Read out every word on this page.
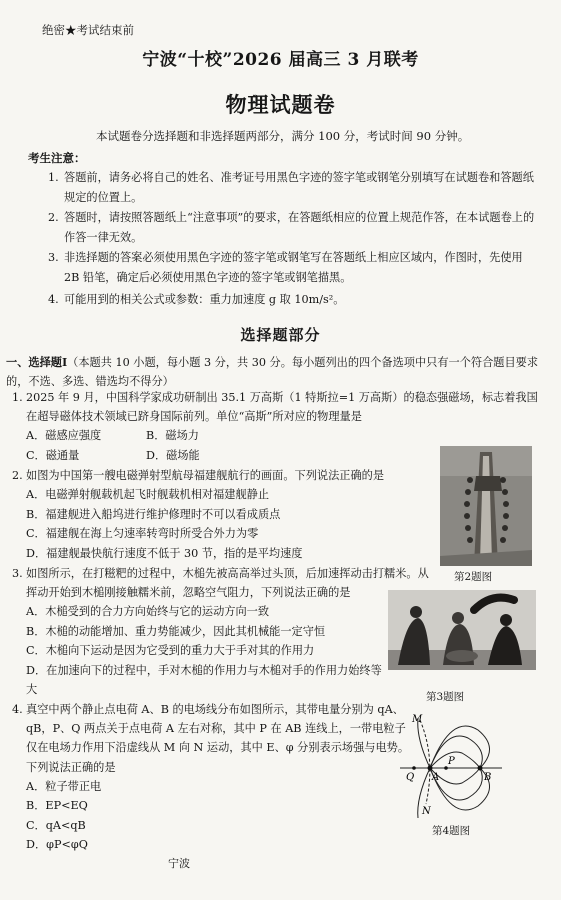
绝密★考试结束前
宁波“十校”2026 届高三 3 月联考
物理试题卷
本试题卷分选择题和非选择题两部分，满分 100 分，考试时间 90 分钟。
考生注意：
1. 答题前，请务必将自己的姓名、准考证号用黑色字迹的签字笔或钢笔分别填写在试题卷和答题纸规定的位置上。
2. 答题时，请按照答题纸上“注意事项”的要求，在答题纸相应的位置上规范作答，在本试题卷上的作答一律无效。
3. 非选择题的答案必须使用黑色字迹的签字笔或钢笔写在答题纸上相应区域内，作图时，先使用 2B 铅笔，确定后必须使用黑色字迹的签字笔或钢笔描黑。
4. 可能用到的相关公式或参数：重力加速度 g 取 10m/s²。
选择题部分
一、选择题Ⅰ（本题共 10 小题，每小题 3 分，共 30 分。每小题列出的四个备选项中只有一个符合题目要求的，不选、多选、错选均不得分）
1. 2025 年 9 月，中国科学家成功研制出 35.1 万高斯（1 特斯拉=1 万高斯）的稳态强磁场，标志着我国在超导磁体技术领域已跻身国际前列。单位“高斯”所对应的物理量是
A．磁感应强度	B．磁场力
C．磁通量	D．磁场能
2. 如图为中国第一艘电磁弹射型航母福建舰航行的画面。下列说法正确的是
A．电磁弹射舰载机起飞时舰载机相对福建舰静止
B．福建舰进入船坞进行维护修理时不可以看成质点
C．福建舰在海上匀速率转弯时所受合外力为零
D．福建舰最快航行速度不低于 30 节，指的是平均速度
3. 如图所示，在打糍粑的过程中，木槌先被高高举过头顶，后加速挥动击打糯米。从挥动开始到木槌刚接触糯米前，忽略空气阻力，下列说法正确的是
A．木槌受到的合力方向始终与它的运动方向一致
B．木槌的动能增加、重力势能减少，因此其机械能一定守恒
C．木槌向下运动是因为它受到的重力大于手对其的作用力
D．在加速向下的过程中，手对木槌的作用力与木槌对手的作用力始终等大
4. 真空中两个静止点电荷 A、B 的电场线分布如图所示，其带电量分别为 qA、qB，P、Q 两点关于点电荷 A 左右对称，其中 P 在 AB 连线上，一带电粒子仅在电场力作用下沿虚线从 M 向 N 运动，其中 E、φ 分别表示场强与电势。下列说法正确的是
A．粒子带正电
B．EP<EQ
C．qA<qB
D．φP<φQ
第2题图
第3题图
M
N
Q A
P
B
第4题图
宁波
